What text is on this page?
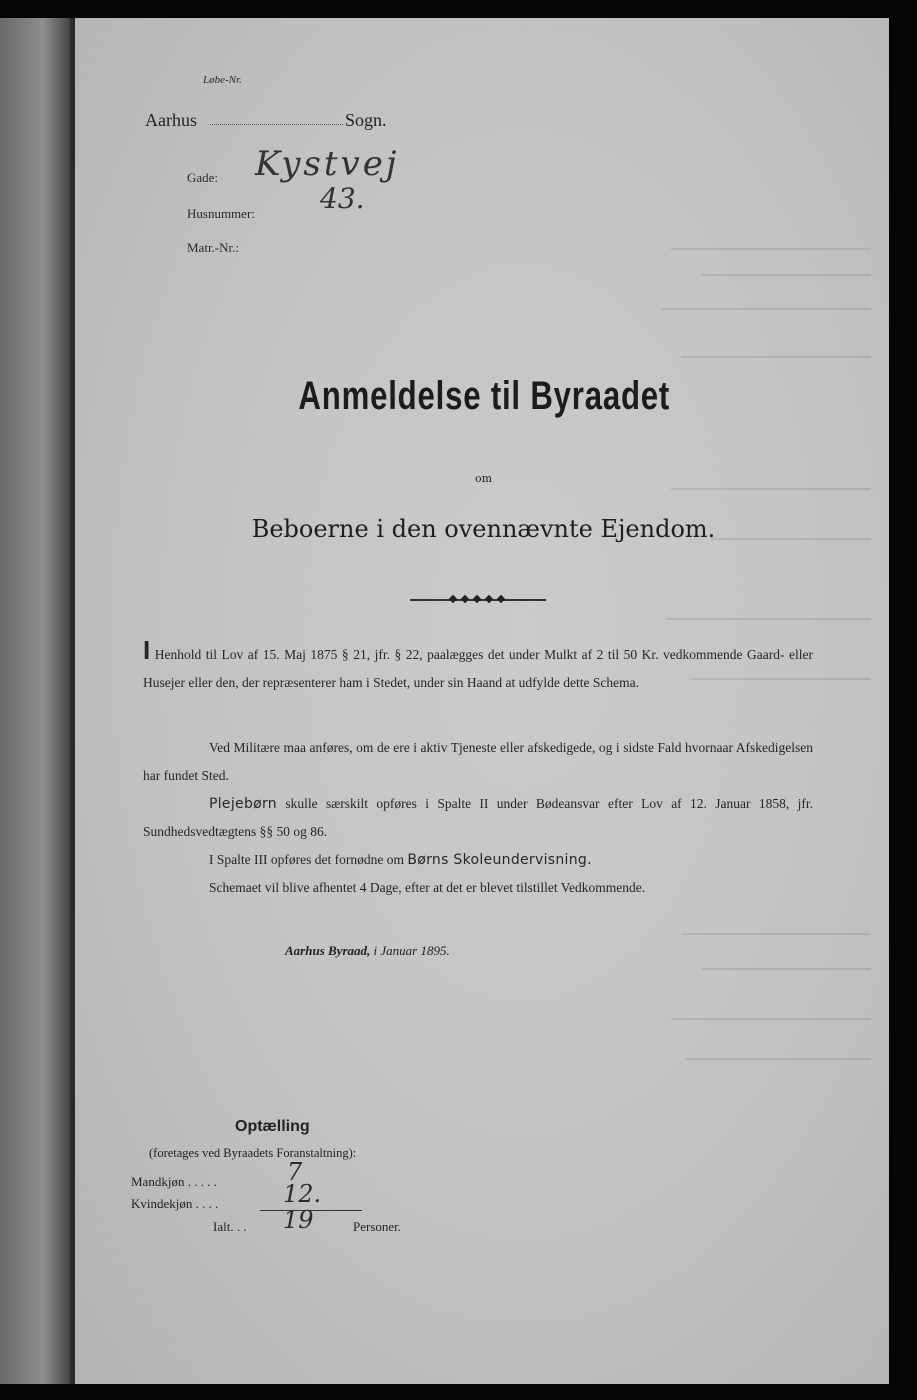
Løbe-Nr.
Aarhus	Sogn.
Gade: Kystvej
Husnummer: 43.
Matr.-Nr.:
Anmeldelse til Byraadet
om
Beboerne i den ovennævnte Ejendom.
I Henhold til Lov af 15. Maj 1875 § 21, jfr. § 22, paalægges det under Mulkt af 2 til 50 Kr. vedkommende Gaard- eller Husejer eller den, der repræsenterer ham i Stedet, under sin Haand at udfylde dette Schema.
Ved Militære maa anføres, om de ere i aktiv Tjeneste eller afskedigede, og i sidste Fald hvornaar Afskedigelsen har fundet Sted.
Plejebørn skulle særskilt opføres i Spalte II under Bødeansvar efter Lov af 12. Januar 1858, jfr. Sundhedsvedtægtens §§ 50 og 86.
I Spalte III opføres det fornødne om Børns Skoleundervisning.
Schemaet vil blive afhentet 4 Dage, efter at det er blevet tilstillet Vedkommende.
Aarhus Byraad, i Januar 1895.
Optælling
(foretages ved Byraadets Foranstaltning):
Mandkjøn . . . . .	7
Kvindekjøn . . . .	12.
Ialt. . . 19	Personer.
